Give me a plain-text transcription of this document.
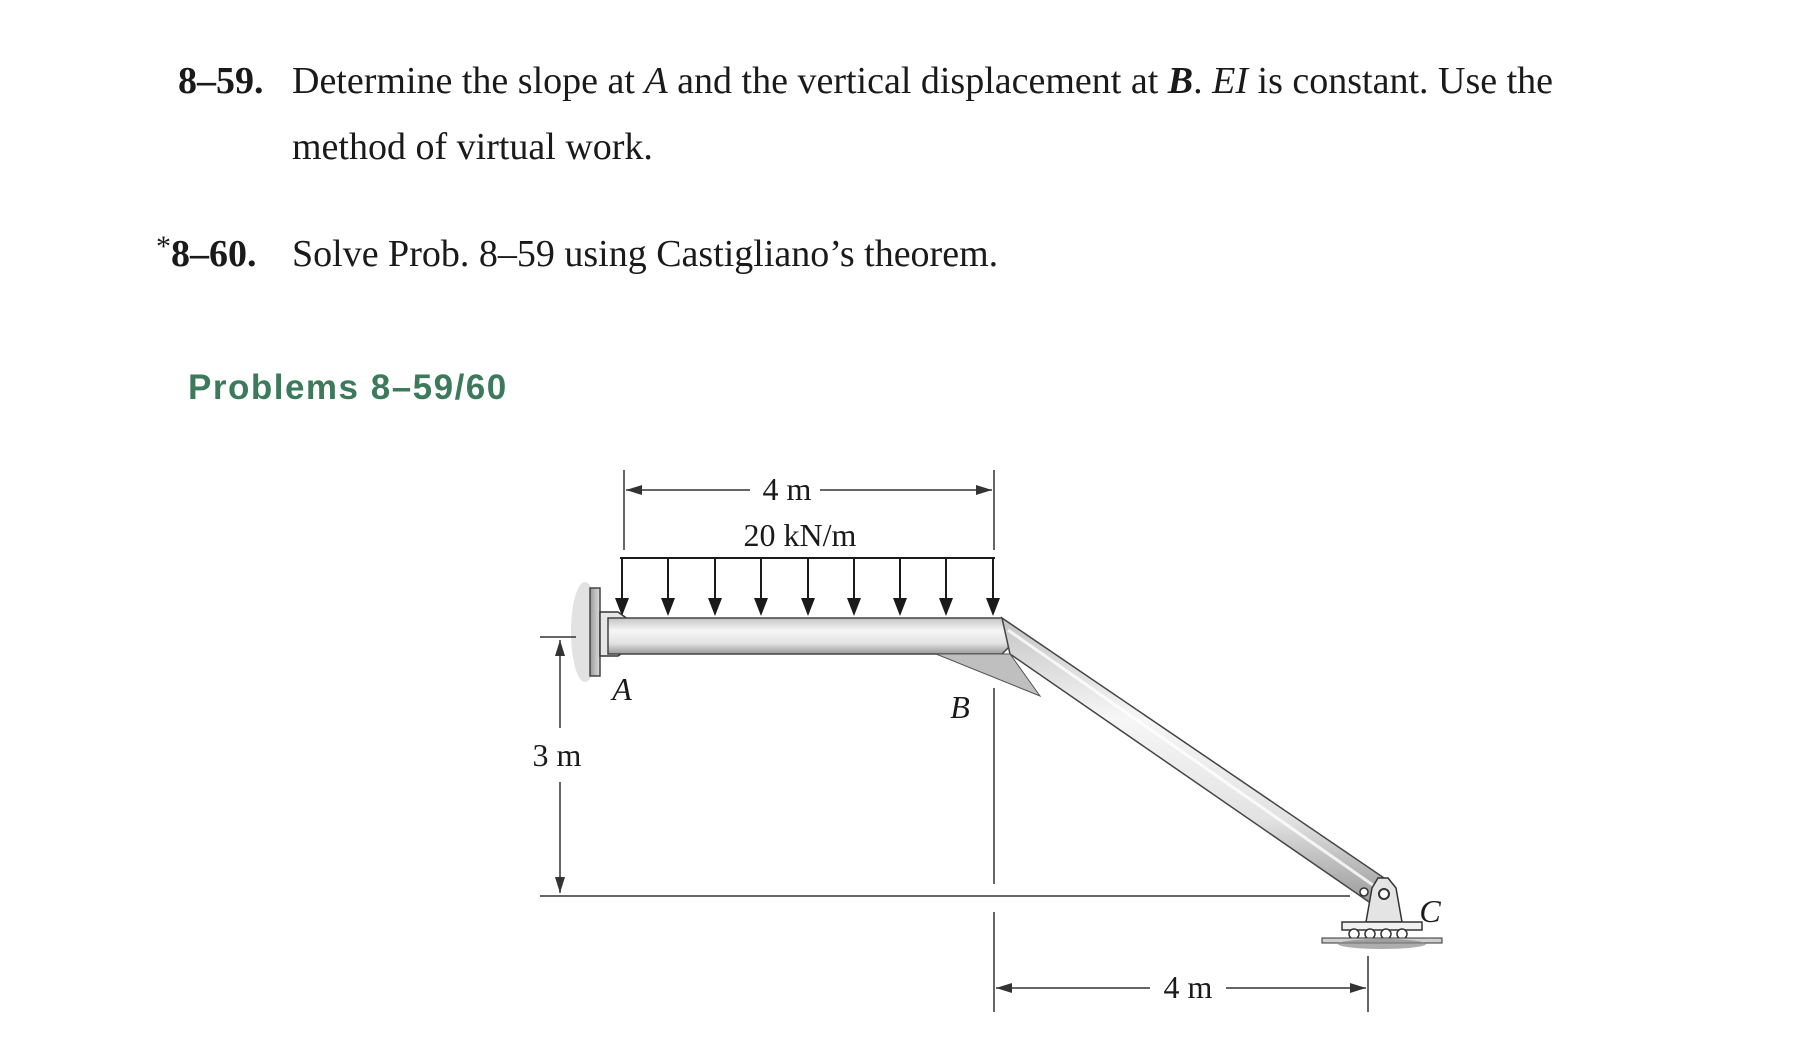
8–59. Determine the slope at A and the vertical displacement at B. EI is constant. Use the
method of virtual work.
*8–60. Solve Prob. 8–59 using Castigliano’s theorem.
Problems 8–59/60
4 m
20 kN/m
A	B
3 m
C
4 m
